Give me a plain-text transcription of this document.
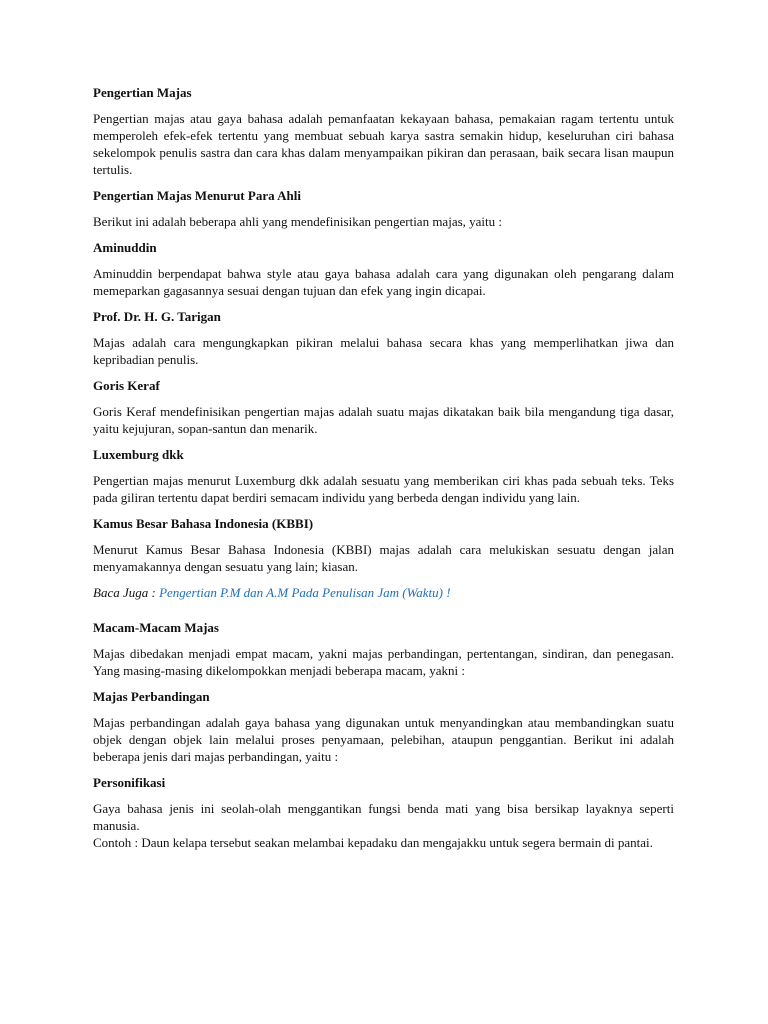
Pengertian Majas
Pengertian majas atau gaya bahasa adalah pemanfaatan kekayaan bahasa, pemakaian ragam tertentu untuk memperoleh efek-efek tertentu yang membuat sebuah karya sastra semakin hidup, keseluruhan ciri bahasa sekelompok penulis sastra dan cara khas dalam menyampaikan pikiran dan perasaan, baik secara lisan maupun tertulis.
Pengertian Majas Menurut Para Ahli
Berikut ini adalah beberapa ahli yang mendefinisikan pengertian majas, yaitu :
Aminuddin
Aminuddin berpendapat bahwa style atau gaya bahasa adalah cara yang digunakan oleh pengarang dalam memeparkan gagasannya sesuai dengan tujuan dan efek yang ingin dicapai.
Prof. Dr. H. G. Tarigan
Majas adalah cara mengungkapkan pikiran melalui bahasa secara khas yang memperlihatkan jiwa dan kepribadian penulis.
Goris Keraf
Goris Keraf mendefinisikan pengertian majas adalah suatu majas dikatakan baik bila mengandung tiga dasar, yaitu kejujuran, sopan-santun dan menarik.
Luxemburg dkk
Pengertian majas menurut Luxemburg dkk adalah sesuatu yang memberikan ciri khas pada sebuah teks. Teks pada giliran tertentu dapat berdiri semacam individu yang berbeda dengan individu yang lain.
Kamus Besar Bahasa Indonesia (KBBI)
Menurut Kamus Besar Bahasa Indonesia (KBBI) majas adalah cara melukiskan sesuatu dengan jalan menyamakannya dengan sesuatu yang lain; kiasan.
Baca Juga : Pengertian P.M dan A.M Pada Penulisan Jam (Waktu) !
Macam-Macam Majas
Majas dibedakan menjadi empat macam, yakni majas perbandingan, pertentangan, sindiran, dan penegasan. Yang masing-masing dikelompokkan menjadi beberapa macam, yakni :
Majas Perbandingan
Majas perbandingan adalah gaya bahasa yang digunakan untuk menyandingkan atau membandingkan suatu objek dengan objek lain melalui proses penyamaan, pelebihan, ataupun penggantian. Berikut ini adalah beberapa jenis dari majas perbandingan, yaitu :
Personifikasi
Gaya bahasa jenis ini seolah-olah menggantikan fungsi benda mati yang bisa bersikap layaknya seperti manusia.
Contoh : Daun kelapa tersebut seakan melambai kepadaku dan mengajakku untuk segera bermain di pantai.
